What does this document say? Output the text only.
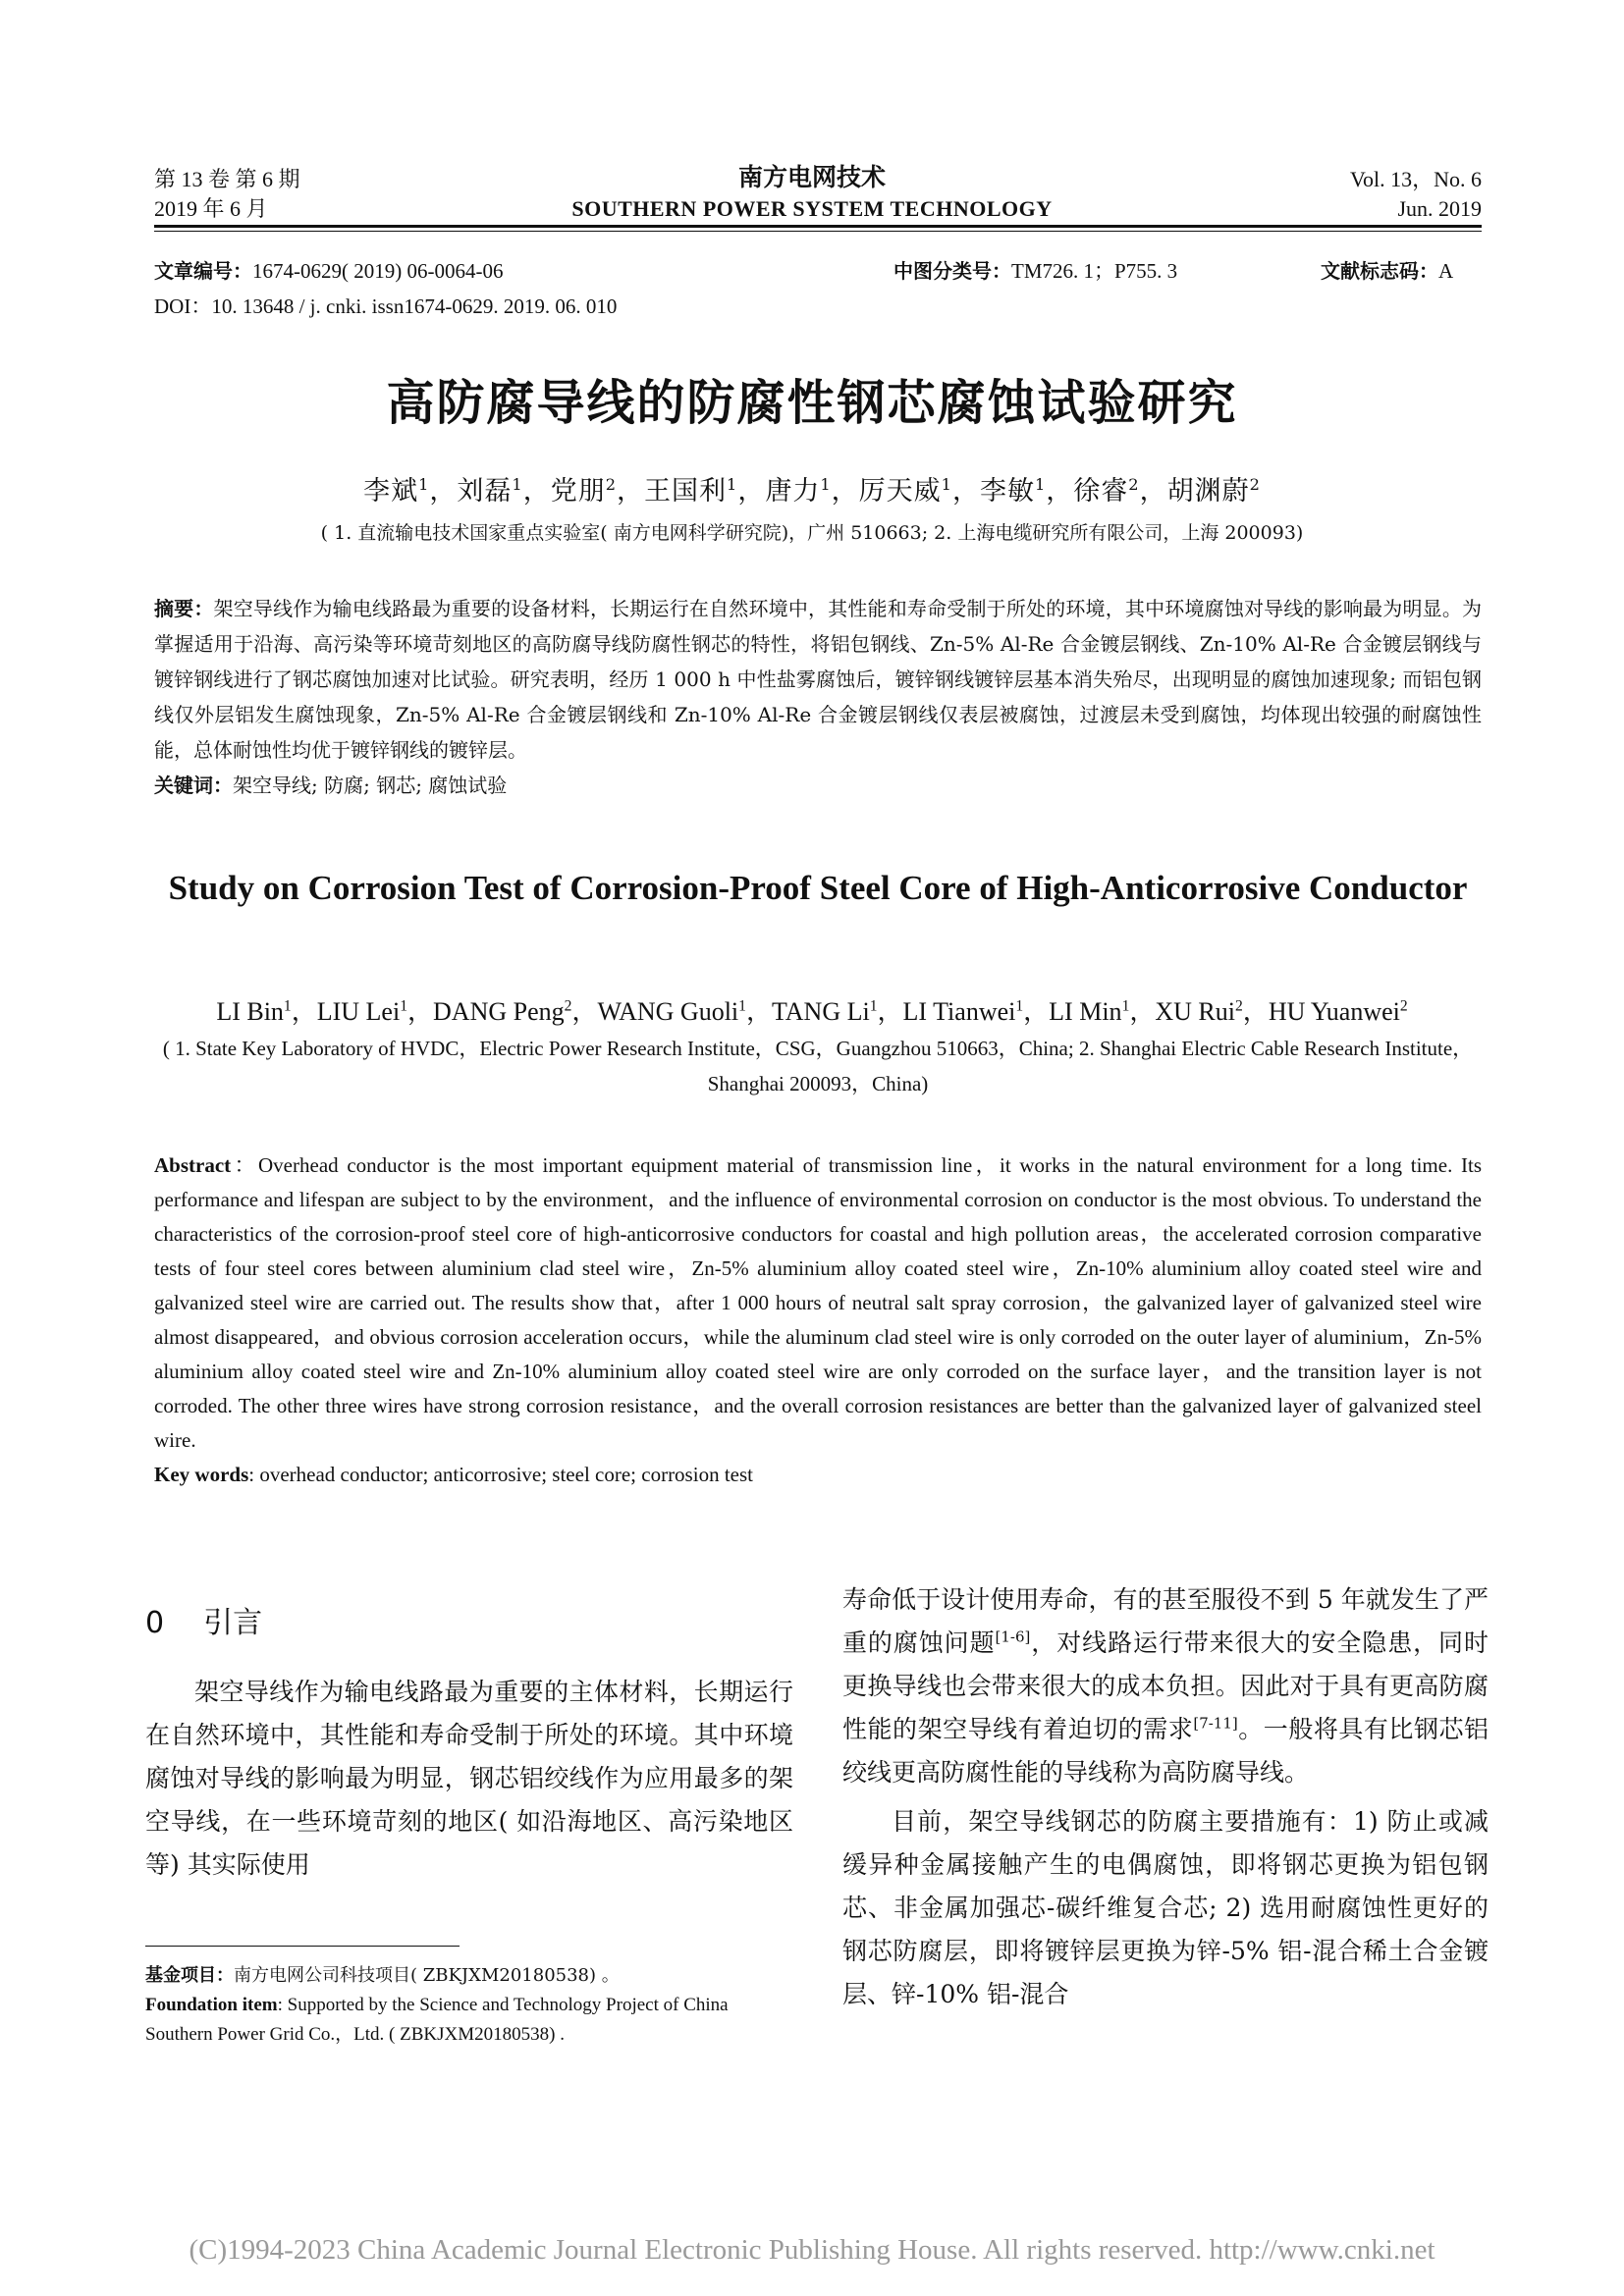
第 13 卷 第 6 期
2019 年 6 月
南方电网技术
SOUTHERN POWER SYSTEM TECHNOLOGY
Vol. 13，No. 6
Jun. 2019
文章编号：1674-0629( 2019) 06-0064-06	中图分类号：TM726. 1；P755. 3	文献标志码：A
DOI：10. 13648 / j. cnki. issn1674-0629. 2019. 06. 010
高防腐导线的防腐性钢芯腐蚀试验研究
李斌$^1$，刘磊$^1$，党朋$^2$，王国利$^1$，唐力$^1$，厉天威$^1$，李敏$^1$，徐睿$^2$，胡渊蔚$^2$
( 1. 直流输电技术国家重点实验室( 南方电网科学研究院)，广州 510663; 2. 上海电缆研究所有限公司，上海 200093)
摘要：架空导线作为输电线路最为重要的设备材料，长期运行在自然环境中，其性能和寿命受制于所处的环境，其中环境腐蚀对导线的影响最为明显。为掌握适用于沿海、高污染等环境苛刻地区的高防腐导线防腐性钢芯的特性，将铝包钢线、Zn-5% Al-Re 合金镀层钢线、Zn-10% Al-Re 合金镀层钢线与镀锌钢线进行了钢芯腐蚀加速对比试验。研究表明，经历 1 000 h 中性盐雾腐蚀后，镀锌钢线镀锌层基本消失殆尽，出现明显的腐蚀加速现象; 而铝包钢线仅外层铝发生腐蚀现象，Zn-5% Al-Re 合金镀层钢线和 Zn-10% Al-Re 合金镀层钢线仅表层被腐蚀，过渡层未受到腐蚀，均体现出较强的耐腐蚀性能，总体耐蚀性均优于镀锌钢线的镀锌层。
关键词：架空导线; 防腐; 钢芯; 腐蚀试验
Study on Corrosion Test of Corrosion-Proof Steel Core of High-Anticorrosive Conductor
LI Bin$^1$，LIU Lei$^1$，DANG Peng$^2$，WANG Guoli$^1$，TANG Li$^1$，LI Tianwei$^1$，LI Min$^1$，XU Rui$^2$，HU Yuanwei$^2$
( 1. State Key Laboratory of HVDC，Electric Power Research Institute，CSG，Guangzhou 510663，China; 2. Shanghai Electric Cable Research Institute，Shanghai 200093，China)
Abstract：Overhead conductor is the most important equipment material of transmission line，it works in the natural environment for a long time. Its performance and lifespan are subject to by the environment，and the influence of environmental corrosion on conductor is the most obvious. To understand the characteristics of the corrosion-proof steel core of high-anticorrosive conductors for coastal and high pollution areas，the accelerated corrosion comparative tests of four steel cores between aluminium clad steel wire，Zn-5% aluminium alloy coated steel wire，Zn-10% aluminium alloy coated steel wire and galvanized steel wire are carried out. The results show that，after 1 000 hours of neutral salt spray corrosion，the galvanized layer of galvanized steel wire almost disappeared，and obvious corrosion acceleration occurs，while the aluminum clad steel wire is only corroded on the outer layer of aluminium，Zn-5% aluminium alloy coated steel wire and Zn-10% aluminium alloy coated steel wire are only corroded on the surface layer，and the transition layer is not corroded. The other three wires have strong corrosion resistance，and the overall corrosion resistances are better than the galvanized layer of galvanized steel wire.
Key words: overhead conductor; anticorrosive; steel core; corrosion test
0 引言

架空导线作为输电线路最为重要的主体材料，长期运行在自然环境中，其性能和寿命受制于所处的环境。其中环境腐蚀对导线的影响最为明显，钢芯铝绞线作为应用最多的架空导线，在一些环境苛刻的地区( 如沿海地区、高污染地区等) 其实际使用

基金项目：南方电网公司科技项目( ZBKJXM20180538) 。
Foundation item: Supported by the Science and Technology Project of China Southern Power Grid Co.，Ltd. ( ZBKJXM20180538) .

寿命低于设计使用寿命，有的甚至服役不到 5 年就发生了严重的腐蚀问题[1-6]，对线路运行带来很大的安全隐患，同时更换导线也会带来很大的成本负担。因此对于具有更高防腐性能的架空导线有着迫切的需求[7-11]。一般将具有比钢芯铝绞线更高防腐性能的导线称为高防腐导线。

目前，架空导线钢芯的防腐主要措施有：1) 防止或减缓异种金属接触产生的电偶腐蚀，即将钢芯更换为铝包钢芯、非金属加强芯-碳纤维复合芯; 2) 选用耐腐蚀性更好的钢芯防腐层，即将镀锌层更换为锌-5% 铝-混合稀土合金镀层、锌-10% 铝-混合

(C)1994-2023 China Academic Journal Electronic Publishing House. All rights reserved. http://www.cnki.net
